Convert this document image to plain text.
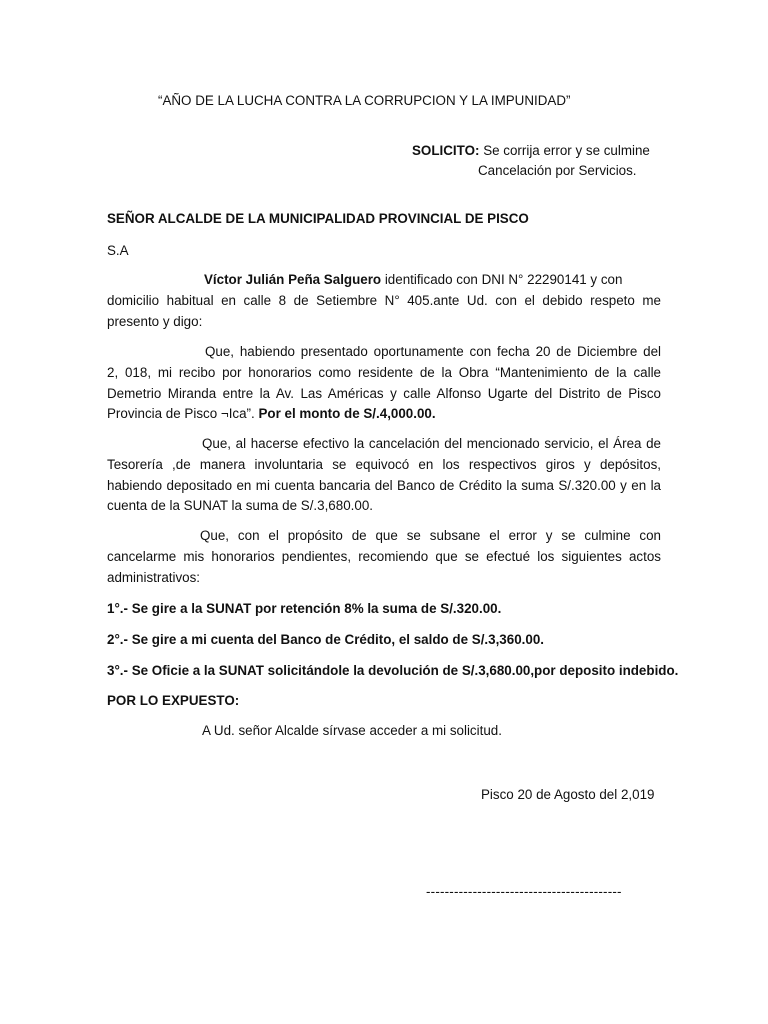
“AÑO DE LA LUCHA CONTRA LA CORRUPCION Y LA IMPUNIDAD”
SOLICITO: Se corrija error y se culmine
Cancelación por Servicios.
SEÑOR ALCALDE DE LA MUNICIPALIDAD PROVINCIAL DE PISCO
S.A
Víctor Julián Peña Salguero identificado con DNI N° 22290141 y con
domicilio habitual en calle 8 de Setiembre N° 405.ante Ud. con el debido respeto me
presento y digo:
Que, habiendo presentado oportunamente con fecha 20 de Diciembre del
2, 018, mi recibo por honorarios como residente de la Obra “Mantenimiento de la calle
Demetrio Miranda entre la Av. Las Américas y calle Alfonso Ugarte del Distrito de Pisco
Provincia de Pisco ¬Ica”. Por el monto de S/.4,000.00.
Que, al hacerse efectivo la cancelación del mencionado servicio, el Área de
Tesorería ,de manera involuntaria se equivocó en los respectivos giros y depósitos,
habiendo depositado en mi cuenta bancaria del Banco de Crédito la suma S/.320.00 y en la
cuenta de la SUNAT la suma de S/.3,680.00.
Que, con el propósito de que se subsane el error y se culmine con
cancelarme mis honorarios pendientes, recomiendo que se efectué los siguientes actos
administrativos:
1°.- Se gire a la SUNAT por retención 8% la suma de S/.320.00.
2°.- Se gire a mi cuenta del Banco de Crédito, el saldo de S/.3,360.00.
3°.- Se Oficie a la SUNAT solicitándole la devolución de S/.3,680.00,por deposito indebido.
POR LO EXPUESTO:
A Ud. señor Alcalde sírvase acceder a mi solicitud.
Pisco 20 de Agosto del 2,019
------------------------------------------
